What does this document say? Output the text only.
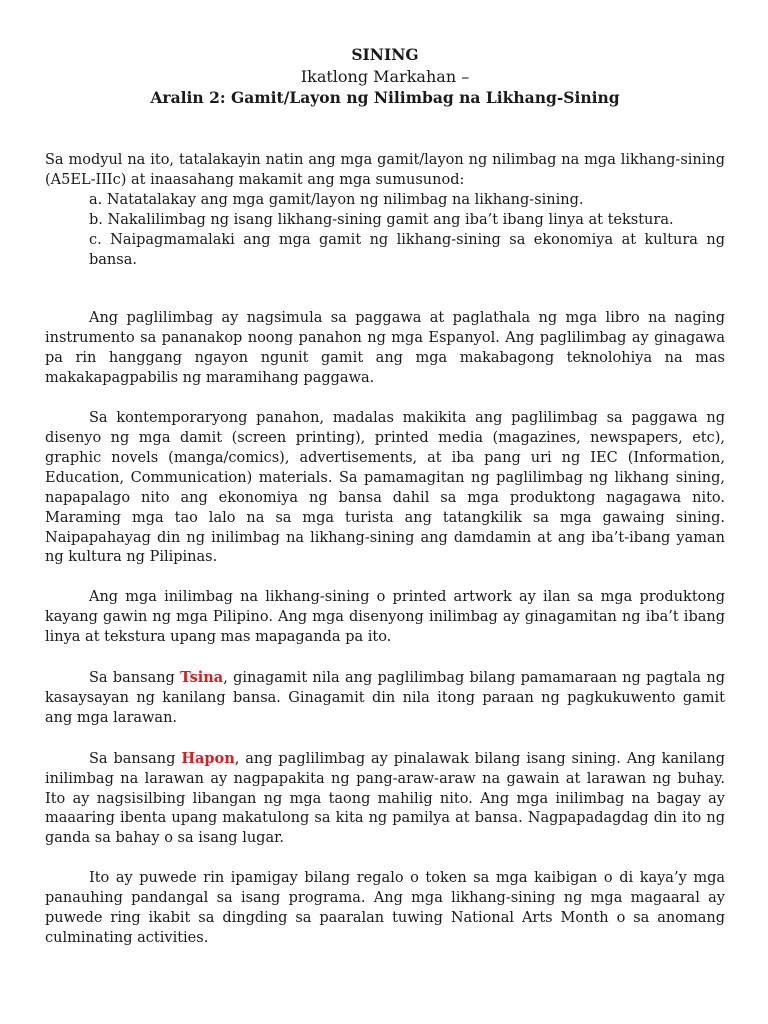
SINING
Ikatlong Markahan –
Aralin 2: Gamit/Layon ng Nilimbag na Likhang-Sining
Sa modyul na ito, tatalakayin natin ang mga gamit/layon ng nilimbag na mga likhang-sining (A5EL-IIIc) at inaasahang makamit ang mga sumusunod:
a. Natatalakay ang mga gamit/layon ng nilimbag na likhang-sining.
b. Nakalilimbag ng isang likhang-sining gamit ang iba’t ibang linya at tekstura.
c. Naipagmamalaki ang mga gamit ng likhang-sining sa ekonomiya at kultura ng bansa.

Ang paglilimbag ay nagsimula sa paggawa at paglathala ng mga libro na naging instrumento sa pananakop noong panahon ng mga Espanyol. Ang paglilimbag ay ginagawa pa rin hanggang ngayon ngunit gamit ang mga makabagong teknolohiya na mas makakapagpabilis ng maramihang paggawa.

Sa kontemporaryong panahon, madalas makikita ang paglilimbag sa paggawa ng disenyo ng mga damit (screen printing), printed media (magazines, newspapers, etc), graphic novels (manga/comics), advertisements, at iba pang uri ng IEC (Information, Education, Communication) materials. Sa pamamagitan ng paglilimbag ng likhang sining, napapalago nito ang ekonomiya ng bansa dahil sa mga produktong nagagawa nito. Maraming mga tao lalo na sa mga turista ang tatangkilik sa mga gawaing sining. Naipapahayag din ng inilimbag na likhang-sining ang damdamin at ang iba’t-ibang yaman ng kultura ng Pilipinas.

Ang mga inilimbag na likhang-sining o printed artwork ay ilan sa mga produktong kayang gawin ng mga Pilipino. Ang mga disenyong inilimbag ay ginagamitan ng iba’t ibang linya at tekstura upang mas mapaganda pa ito.

Sa bansang Tsina, ginagamit nila ang paglilimbag bilang pamamaraan ng pagtala ng kasaysayan ng kanilang bansa. Ginagamit din nila itong paraan ng pagkukuwento gamit ang mga larawan.

Sa bansang Hapon, ang paglilimbag ay pinalawak bilang isang sining. Ang kanilang inilimbag na larawan ay nagpapakita ng pang-araw-araw na gawain at larawan ng buhay. Ito ay nagsisilbing libangan ng mga taong mahilig nito. Ang mga inilimbag na bagay ay maaaring ibenta upang makatulong sa kita ng pamilya at bansa. Nagpapadagdag din ito ng ganda sa bahay o sa isang lugar.

Ito ay puwede rin ipamigay bilang regalo o token sa mga kaibigan o di kaya’y mga panauhing pandangal sa isang programa. Ang mga likhang-sining ng mga magaaral ay puwede ring ikabit sa dingding sa paaralan tuwing National Arts Month o sa anomang culminating activities.
